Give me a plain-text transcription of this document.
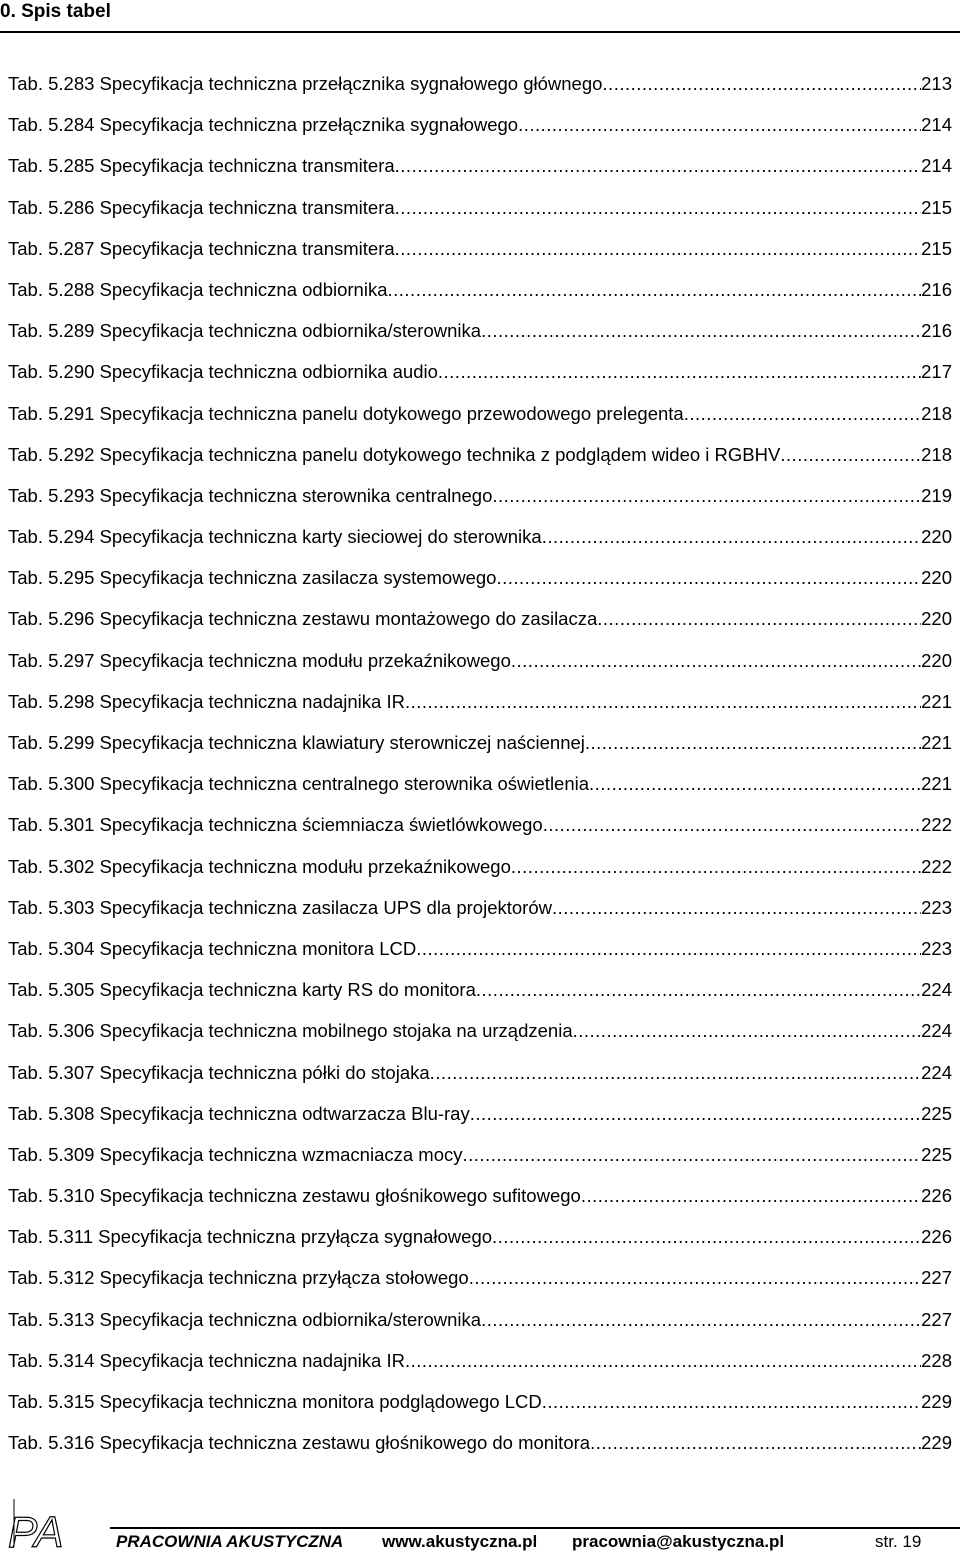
0. Spis tabel
Tab. 5.283 Specyfikacja techniczna przełącznika sygnałowego głównego .....	213
Tab. 5.284 Specyfikacja techniczna przełącznika sygnałowego .....	214
Tab. 5.285 Specyfikacja techniczna transmitera .....	214
Tab. 5.286 Specyfikacja techniczna transmitera .....	215
Tab. 5.287 Specyfikacja techniczna transmitera .....	215
Tab. 5.288 Specyfikacja techniczna odbiornika .....	216
Tab. 5.289 Specyfikacja techniczna odbiornika/sterownika .....	216
Tab. 5.290 Specyfikacja techniczna odbiornika audio .....	217
Tab. 5.291 Specyfikacja techniczna panelu dotykowego przewodowego prelegenta .....	218
Tab. 5.292 Specyfikacja techniczna panelu dotykowego technika z podglądem wideo i RGBHV .....	218
Tab. 5.293 Specyfikacja techniczna sterownika centralnego .....	219
Tab. 5.294 Specyfikacja techniczna karty sieciowej do sterownika .....	220
Tab. 5.295 Specyfikacja techniczna zasilacza systemowego .....	220
Tab. 5.296 Specyfikacja techniczna zestawu montażowego do zasilacza .....	220
Tab. 5.297 Specyfikacja techniczna modułu przekaźnikowego .....	220
Tab. 5.298 Specyfikacja techniczna nadajnika IR .....	221
Tab. 5.299 Specyfikacja techniczna klawiatury sterowniczej naściennej .....	221
Tab. 5.300 Specyfikacja techniczna centralnego sterownika oświetlenia .....	221
Tab. 5.301 Specyfikacja techniczna ściemniacza świetlówkowego .....	222
Tab. 5.302 Specyfikacja techniczna modułu przekaźnikowego .....	222
Tab. 5.303 Specyfikacja techniczna zasilacza UPS dla projektorów .....	223
Tab. 5.304 Specyfikacja techniczna monitora LCD .....	223
Tab. 5.305 Specyfikacja techniczna karty RS do monitora .....	224
Tab. 5.306 Specyfikacja techniczna mobilnego stojaka na urządzenia .....	224
Tab. 5.307 Specyfikacja techniczna półki do stojaka .....	224
Tab. 5.308 Specyfikacja techniczna odtwarzacza Blu-ray .....	225
Tab. 5.309 Specyfikacja techniczna wzmacniacza mocy .....	225
Tab. 5.310 Specyfikacja techniczna zestawu głośnikowego sufitowego .....	226
Tab. 5.311 Specyfikacja techniczna przyłącza sygnałowego .....	226
Tab. 5.312 Specyfikacja techniczna przyłącza stołowego .....	227
Tab. 5.313 Specyfikacja techniczna odbiornika/sterownika .....	227
Tab. 5.314 Specyfikacja techniczna nadajnika IR .....	228
Tab. 5.315 Specyfikacja techniczna monitora podglądowego LCD .....	229
Tab. 5.316 Specyfikacja techniczna zestawu głośnikowego do monitora .....	229
PA	PRACOWNIA AKUSTYCZNA www.akustyczna.pl pracownia@akustyczna.pl	str. 19
